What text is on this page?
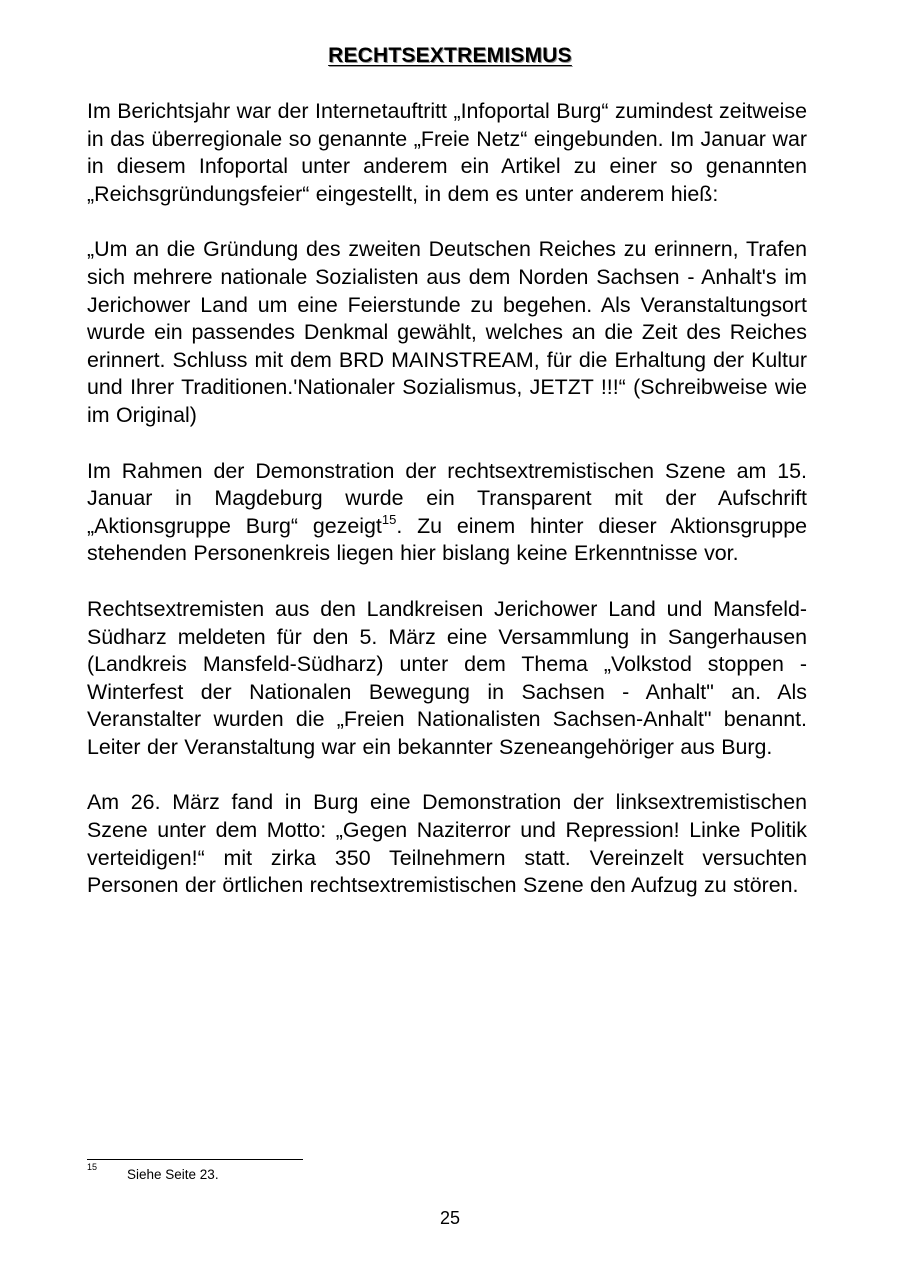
RECHTSEXTREMISMUS

Im Berichtsjahr war der Internetauftritt „Infoportal Burg“ zumindest zeitweise in das überregionale so genannte „Freie Netz“ eingebunden. Im Januar war in diesem Infoportal unter anderem ein Artikel zu einer so genannten „Reichsgründungsfeier“ eingestellt, in dem es unter anderem hieß:

„Um an die Gründung des zweiten Deutschen Reiches zu erinnern, Trafen sich mehrere nationale Sozialisten aus dem Norden Sachsen - Anhalt's im Jerichower Land um eine Feierstunde zu begehen. Als Veranstaltungsort wurde ein passendes Denkmal gewählt, welches an die Zeit des Reiches erinnert. Schluss mit dem BRD MAINSTREAM, für die Erhaltung der Kultur und Ihrer Traditionen.'Nationaler Sozialismus, JETZT !!!“ (Schreibweise wie im Original)

Im Rahmen der Demonstration der rechtsextremistischen Szene am 15. Januar in Magdeburg wurde ein Transparent mit der Aufschrift „Aktionsgruppe Burg“ gezeigt$^{15}$. Zu einem hinter dieser Aktionsgruppe stehenden Personenkreis liegen hier bislang keine Erkenntnisse vor.

Rechtsextremisten aus den Landkreisen Jerichower Land und Mansfeld-Südharz meldeten für den 5. März eine Versammlung in Sangerhausen (Landkreis Mansfeld-Südharz) unter dem Thema „Volkstod stoppen - Winterfest der Nationalen Bewegung in Sachsen - Anhalt" an. Als Veranstalter wurden die „Freien Nationalisten Sachsen-Anhalt" benannt. Leiter der Veranstaltung war ein bekannter Szeneangehöriger aus Burg.

Am 26. März fand in Burg eine Demonstration der linksextremistischen Szene unter dem Motto: „Gegen Naziterror und Repression! Linke Politik verteidigen!“ mit zirka 350 Teilnehmern statt. Vereinzelt versuchten Personen der örtlichen rechtsextremistischen Szene den Aufzug zu stören.

15 Siehe Seite 23.
25
